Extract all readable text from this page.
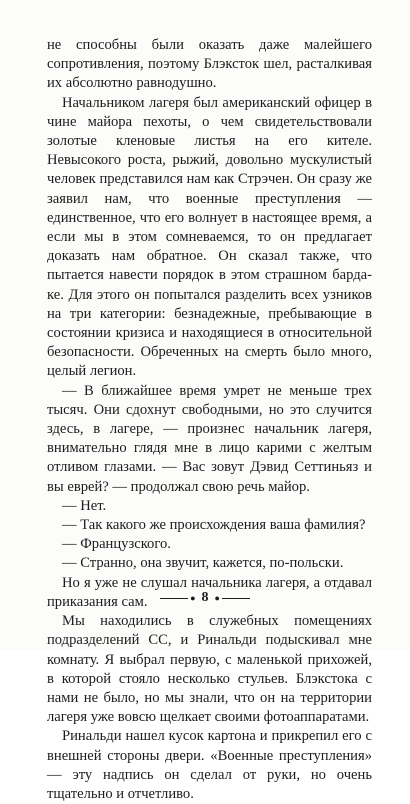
не способны были оказать даже малейшего сопротивления, поэтому Блэксток шел, расталкивая их абсолютно равнодушно.

Начальником лагеря был американский офицер в чине майора пехоты, о чем свидетельствовали золотые кленовые листья на его кителе. Невысокого роста, рыжий, довольно мускулистый человек представился нам как Стрэчен. Он сразу же заявил нам, что военные преступления — единственное, что его волнует в настоящее время, а если мы в этом сомневаемся, то он предлагает доказать нам обратное. Он сказал также, что пытается навести порядок в этом страшном бардаке. Для этого он попытался разделить всех узников на три категории: безнадежные, пребывающие в состоянии кризиса и находящиеся в относительной безопасности. Обреченных на смерть было много, целый легион.

— В ближайшее время умрет не меньше трех тысяч. Они сдохнут свободными, но это случится здесь, в лагере, — произнес начальник лагеря, внимательно глядя мне в лицо карими с желтым отливом глазами. — Вас зовут Дэвид Сеттиньяз и вы еврей? — продолжал свою речь майор.

— Нет.

— Так какого же происхождения ваша фамилия?

— Французского.

— Странно, она звучит, кажется, по-польски.

Но я уже не слушал начальника лагеря, а отдавал приказания сам.

Мы находились в служебных помещениях подразделений СС, и Ринальди подыскивал мне комнату. Я выбрал первую, с маленькой прихожей, в которой стояло несколько стульев. Блэкстока с нами не было, но мы знали, что он на территории лагеря уже вовсю щелкает своими фотоаппаратами.

Ринальди нашел кусок картона и прикрепил его с внешней стороны двери. «Военные преступления» — эту надпись он сделал от руки, но очень тщательно и отчетливо.

● 8 ●
